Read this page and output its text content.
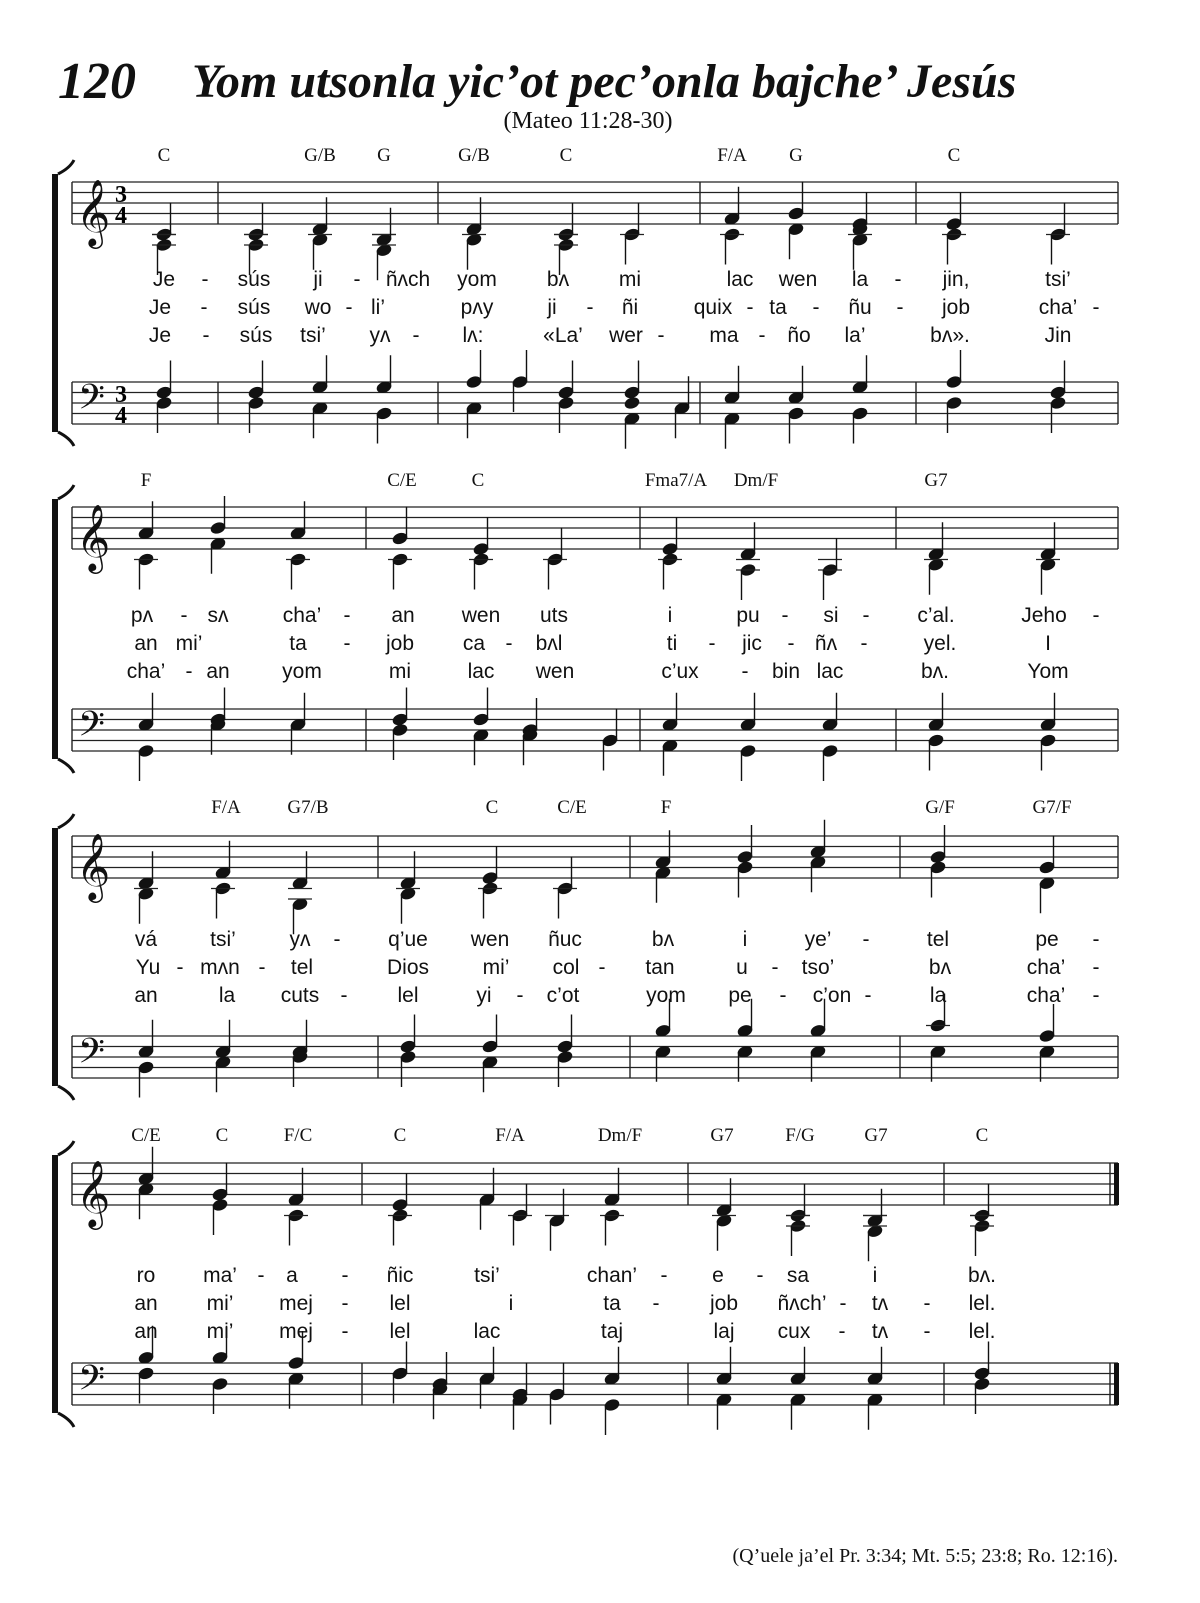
120 Yom utsonla yic’ot pec’onla bajche’ Jesús
(Mateo 11:28-30)
𝄞 3
4
𝄢 3
4
𝄞
𝄢
𝄞
𝄢
𝄞
𝄢
C	G/B G	G/B	C	F/A G	C
Je - sús ji - ñʌch yom bʌ mi	lac wen la - jin,	tsi’
Je - sús wo - li’	pʌy	ji - ñi	quix - ta - ñu - job	cha’ -
Je - sús tsi’ yʌ - lʌ:	«La’ wer - ma - ño la’	bʌ».	Jin
F	C/E	C	Fma7/A Dm/F	G7
pʌ - sʌ	cha’ - an wen uts	i	pu - si - c’al.	Jeho -
an mi’	ta - job ca - bʌl	ti - jic - ñʌ -	yel.	I
cha’ - an yom	mi	lac wen	c’ux - bin lac	bʌ.	Yom
F/A G7/B	C	C/E	F	G/F	G7/F
vá	tsi’	yʌ - q’ue wen ñuc	bʌ	i	ye’ -	tel	pe -
Yu - mʌn - tel	Dios	mi’ col - tan	u - tso’	bʌ	cha’ -
an	la cuts - lel	yi - c’ot	yom pe - c’on -	la	cha’ -
C/E	C	F/C	C	F/A	Dm/F	G7	F/G	G7	C
ro ma’ - a - ñic	tsi’	chan’ - e - sa	i	bʌ.
an mi’ mej - lel	i	ta - job ñʌch’ - tʌ - lel.
an mi’ mej - lel	lac	taj	laj cux - tʌ - lel.
(Q’uele ja’el Pr. 3:34; Mt. 5:5; 23:8; Ro. 12:16).
